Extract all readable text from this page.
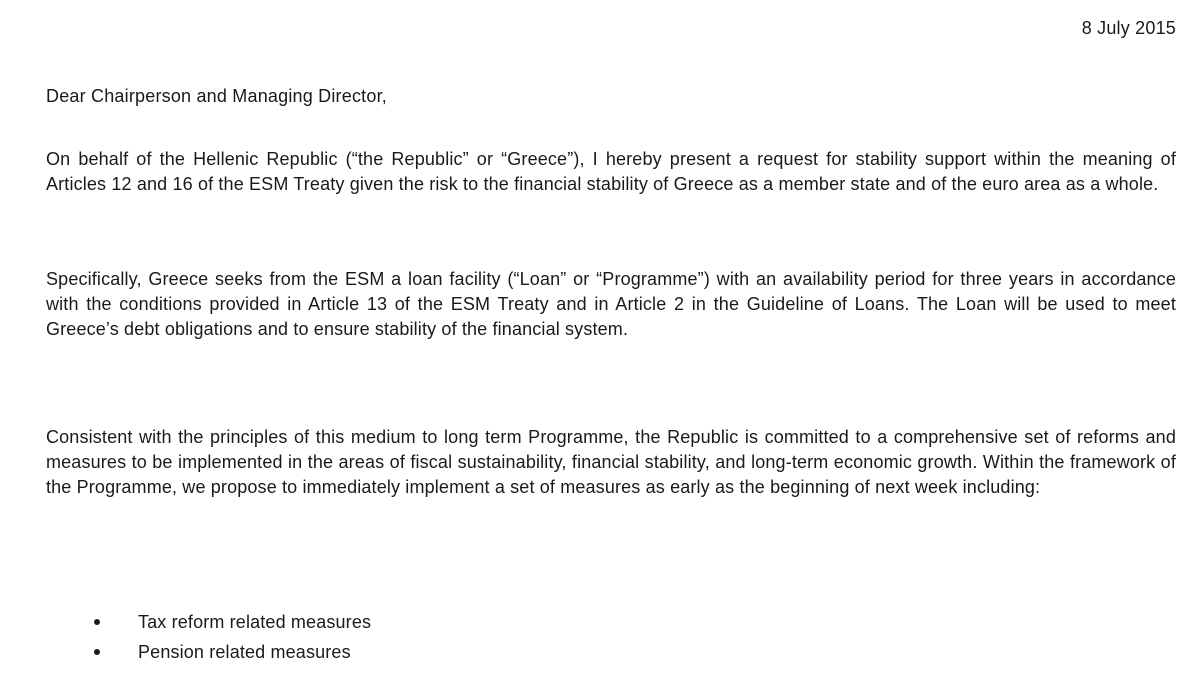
8 July 2015
Dear Chairperson and Managing Director,

On behalf of the Hellenic Republic (“the Republic” or “Greece”), I hereby present a request for stability support within the meaning of Articles 12 and 16 of the ESM Treaty given the risk to the financial stability of Greece as a member state and of the euro area as a whole.

Specifically, Greece seeks from the ESM a loan facility (“Loan” or “Programme”) with an availability period for three years in accordance with the conditions provided in Article 13 of the ESM Treaty and in Article 2 in the Guideline of Loans. The Loan will be used to meet Greece’s debt obligations and to ensure stability of the financial system.

Consistent with the principles of this medium to long term Programme, the Republic is committed to a comprehensive set of reforms and measures to be implemented in the areas of fiscal sustainability, financial stability, and long-term economic growth. Within the framework of the Programme, we propose to immediately implement a set of measures as early as the beginning of next week including:

Tax reform related measures
Pension related measures
